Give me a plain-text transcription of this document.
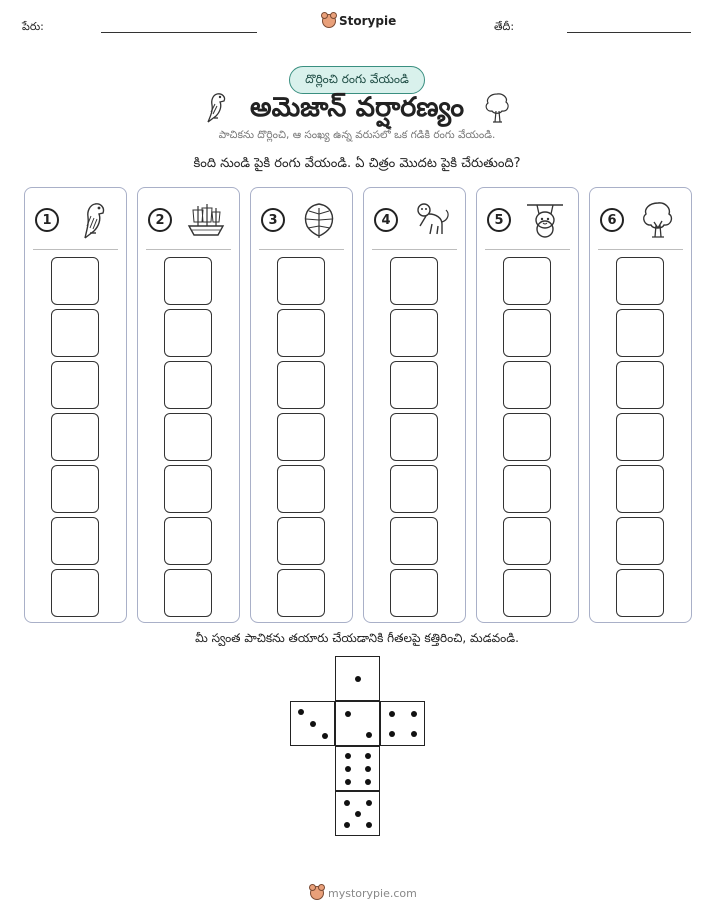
పేరు:	Storypie	తేదీ:
దొర్లించి రంగు వేయండి
అమెజాన్ వర్షారణ్యం
పాచికను దొర్లించి, ఆ సంఖ్య ఉన్న వరుసలో ఒక గడికి రంగు వేయండి.
కింది నుండి పైకి రంగు వేయండి. ఏ చిత్రం మొదట పైకి చేరుతుంది?
1	2	3	4	5	6
మీ స్వంత పాచికను తయారు చేయడానికి గీతలపై కత్తిరించి, మడవండి.
mystorypie.com
